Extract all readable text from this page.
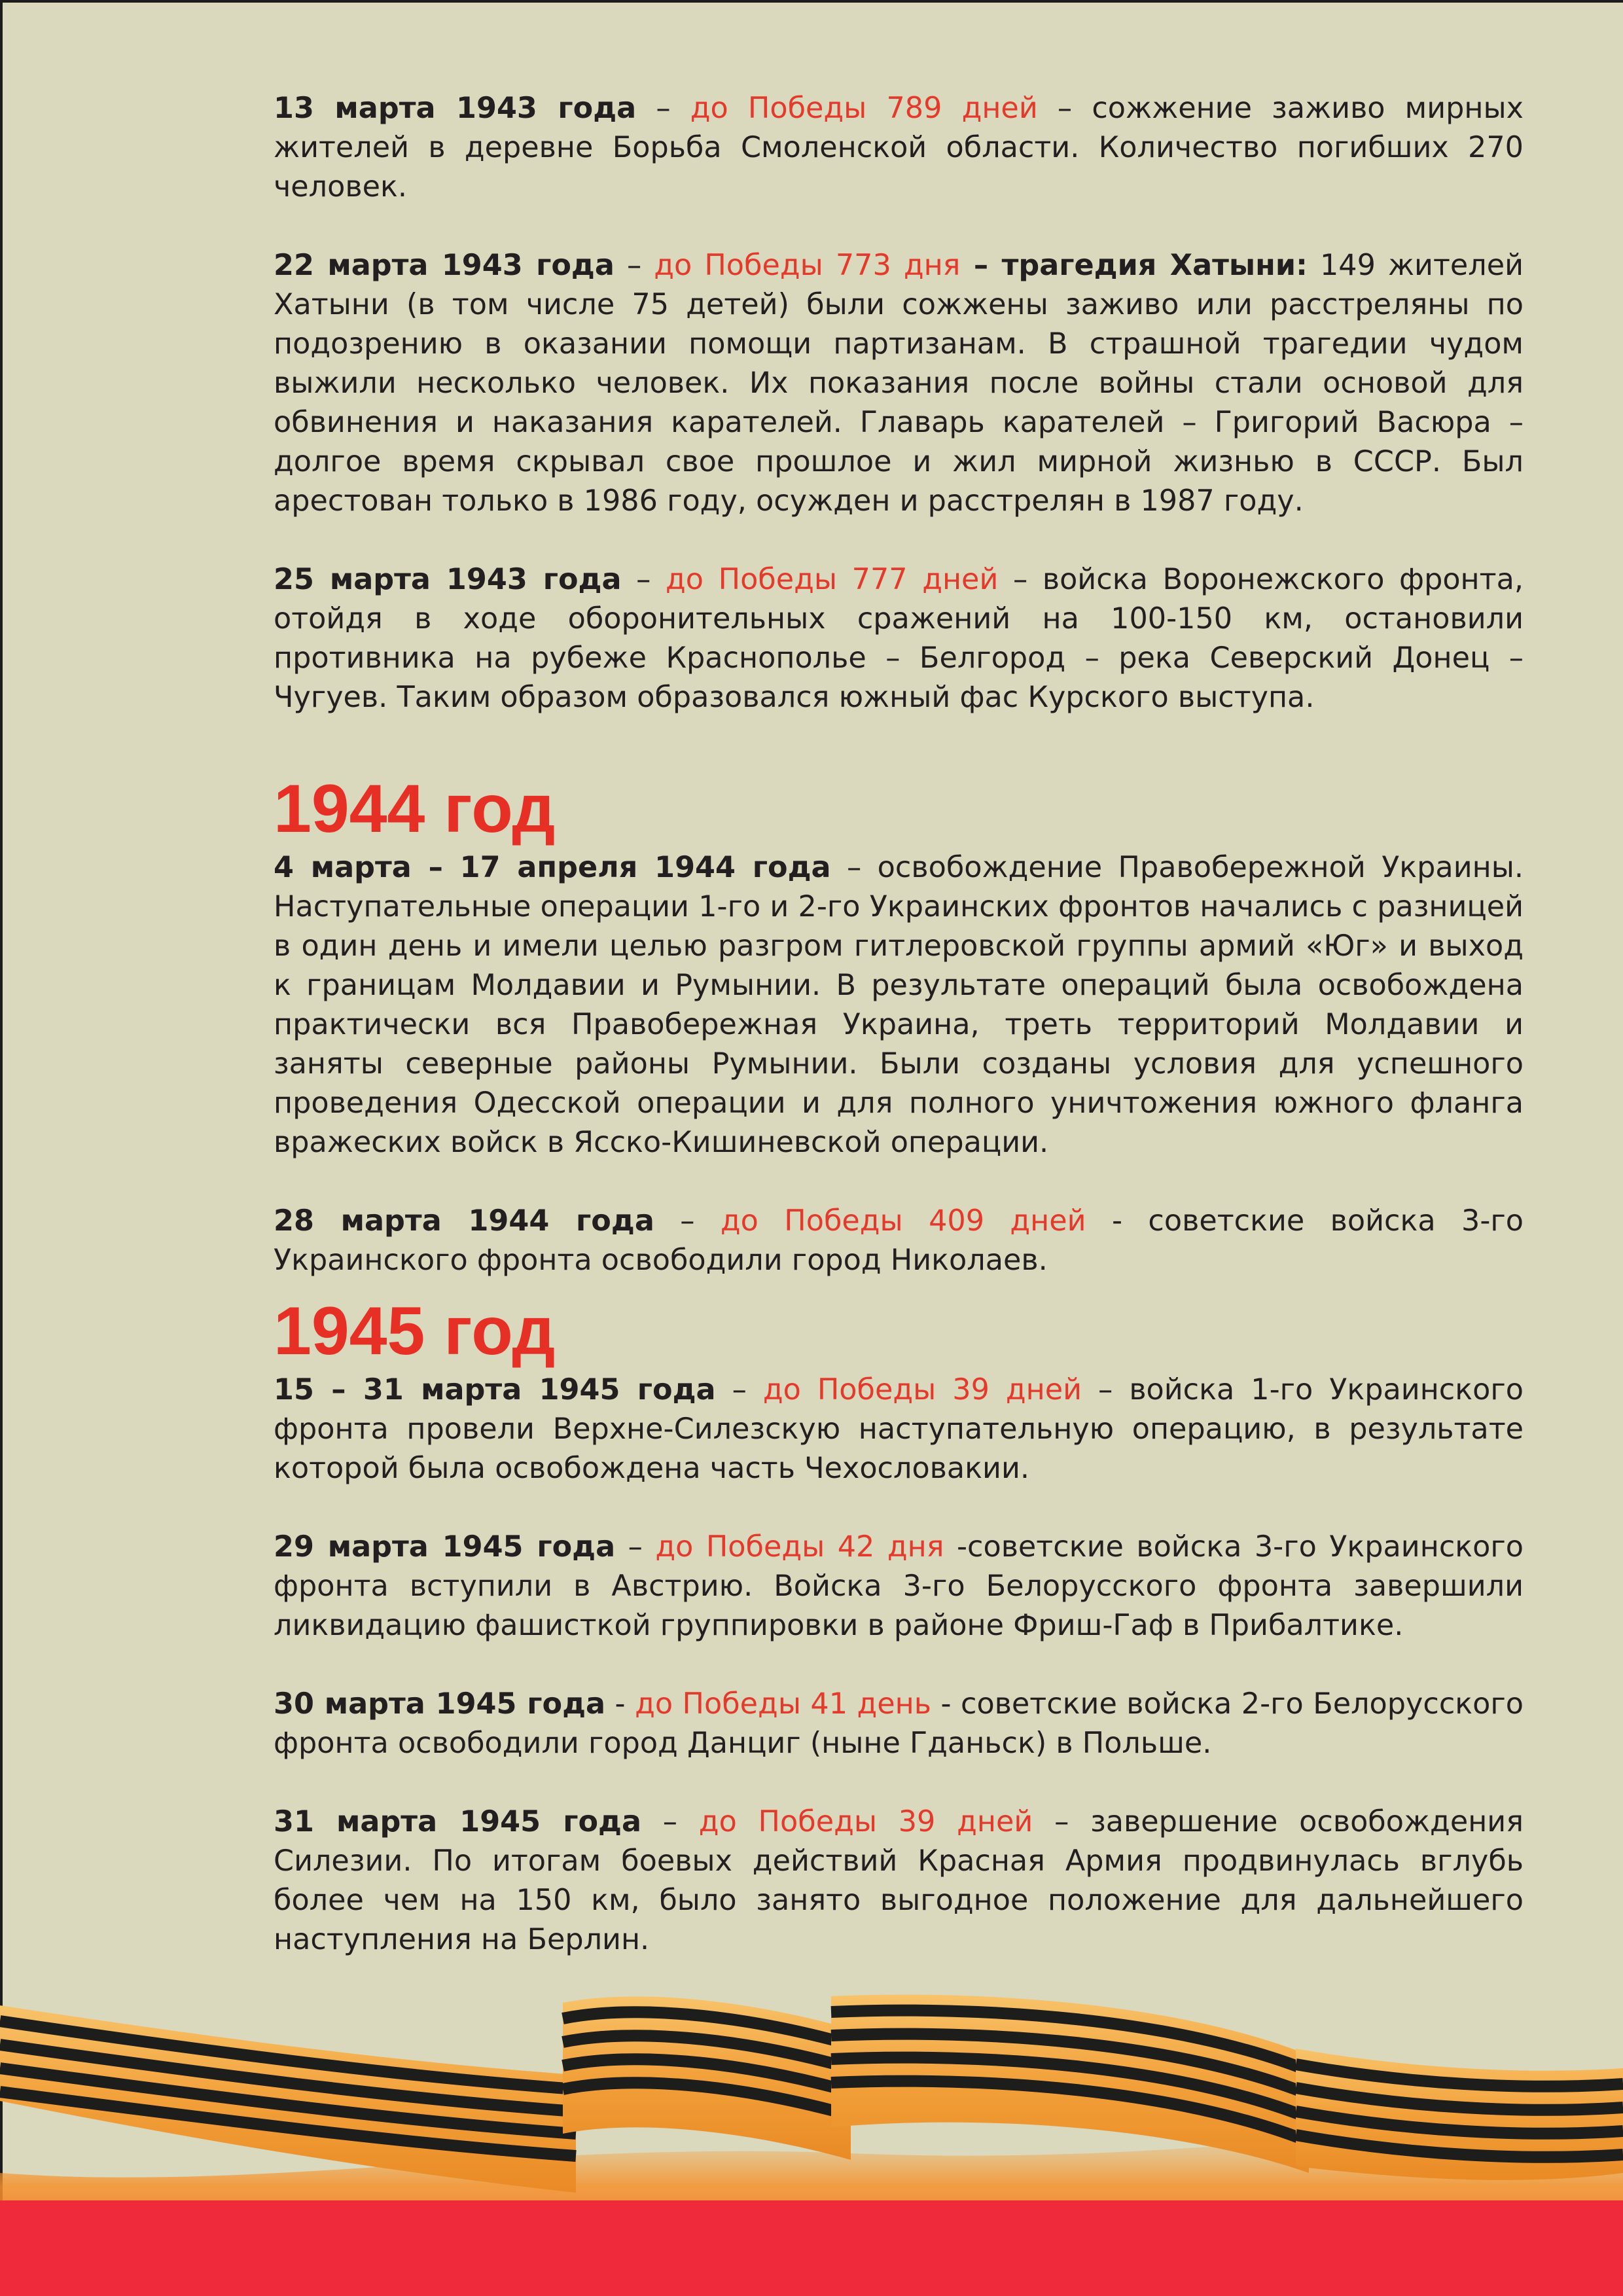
13 марта 1943 года – до Победы 789 дней – сожжение заживо мирных жителей в деревне Борьба Смоленской области. Количество погибших 270 человек.

22 марта 1943 года – до Победы 773 дня – трагедия Хатыни: 149 жителей Хатыни (в том числе 75 детей) были сожжены заживо или расстреляны по подозрению в оказании помощи партизанам. В страшной трагедии чудом выжили несколько человек. Их показания после войны стали основой для обвинения и наказания карателей. Главарь карателей – Григорий Васюра – долгое время скрывал свое прошлое и жил мирной жизнью в СССР. Был арестован только в 1986 году, осужден и расстрелян в 1987 году.

25 марта 1943 года – до Победы 777 дней – войска Воронежского фронта, отойдя в ходе оборонительных сражений на 100-150 км, остановили противника на рубеже Краснополье – Белгород – река Северский Донец – Чугуев. Таким образом образовался южный фас Курского выступа.

1944 год

4 марта – 17 апреля 1944 года – освобождение Правобережной Украины. Наступательные операции 1-го и 2-го Украинских фронтов начались с разницей в один день и имели целью разгром гитлеровской группы армий «Юг» и выход к границам Молдавии и Румынии. В результате операций была освобождена практически вся Правобережная Украина, треть территорий Молдавии и заняты северные районы Румынии. Были созданы условия для успешного проведения Одесской операции и для полного уничтожения южного фланга вражеских войск в Ясско-Кишиневской операции.

28 марта 1944 года – до Победы 409 дней - советские войска 3-го Украинского фронта освободили город Николаев.

1945 год

15 – 31 марта 1945 года – до Победы 39 дней – войска 1-го Украинского фронта провели Верхне-Силезскую наступательную операцию, в результате которой была освобождена часть Чехословакии.

29 марта 1945 года – до Победы 42 дня -советские войска 3-го Украинского фронта вступили в Австрию. Войска 3-го Белорусского фронта завершили ликвидацию фашисткой группировки в районе Фриш-Гаф в Прибалтике.

30 марта 1945 года - до Победы 41 день - советские войска 2-го Белорусского фронта освободили город Данциг (ныне Гданьск) в Польше.

31 марта 1945 года – до Победы 39 дней – завершение освобождения Силезии. По итогам боевых действий Красная Армия продвинулась вглубь более чем на 150 км, было занято выгодное положение для дальнейшего наступления на Берлин.
